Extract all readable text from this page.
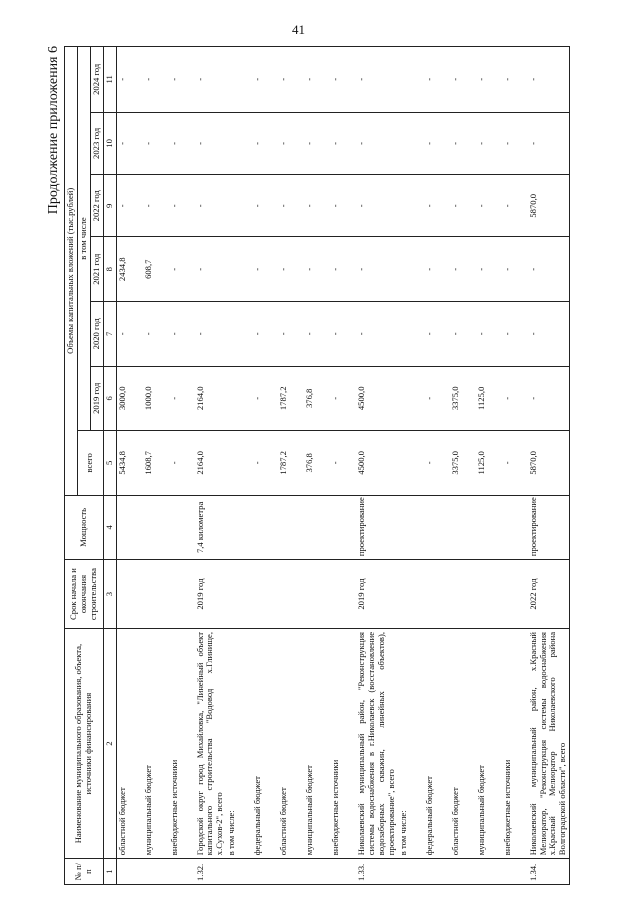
41
Продолжение приложения 6
№ п/п	Наименование муниципального образования, объекта, источники финансирования	Срок начала и окончания строительства	Мощность	Объемы капитальных вложений (тыс.рублей)						
				всего	в том числе					
					2019 год	2020 год	2021 год	2022 год	2023 год	2024 год
1	2	3	4	5	6	7	8	9	10	11
	областной бюджет			5434,8	3000,0	-	2434,8	-	-	-
	муниципальный бюджет			1608,7	1000,0	-	608,7	-	-	-
	внебюджетные источники			-	-	-	-	-	-	-
1.32.	Городской округ город Михайловка, "Линейный объект капитального строительства "Водовод х.Глинище, х.Сухов-2", всего	2019 год	7,4 километра	2164,0	2164,0	-	-	-	-	-
	в том числе:									
	федеральный бюджет			-	-	-	-	-	-	-
	областной бюджет			1787,2	1787,2	-	-	-	-	-
	муниципальный бюджет			376,8	376,8	-	-	-	-	-
	внебюджетные источники			-	-	-	-	-	-	-
1.33.	Николаевский муниципальный район, "Реконструкция системы водоснабжения в г.Николаевск (восстановление водозаборных скважин, линейных объектов), проектирование", всего	2019 год	проектирование	4500,0	4500,0	-	-	-	-	-
	в том числе:									
	федеральный бюджет			-	-	-	-	-	-	-
	областной бюджет			3375,0	3375,0	-	-	-	-	-
	муниципальный бюджет			1125,0	1125,0	-	-	-	-	-
	внебюджетные источники			-	-	-	-	-	-	-
1.34.	Николаевский муниципальный район, х.Красный Мелиоратор, "Реконструкция системы водоснабжения х.Красный Мелиоратор Николаевского района Волгоградской области", всего	2022 год	проектирование	5870,0	-	-	-	5870,0	-	-
